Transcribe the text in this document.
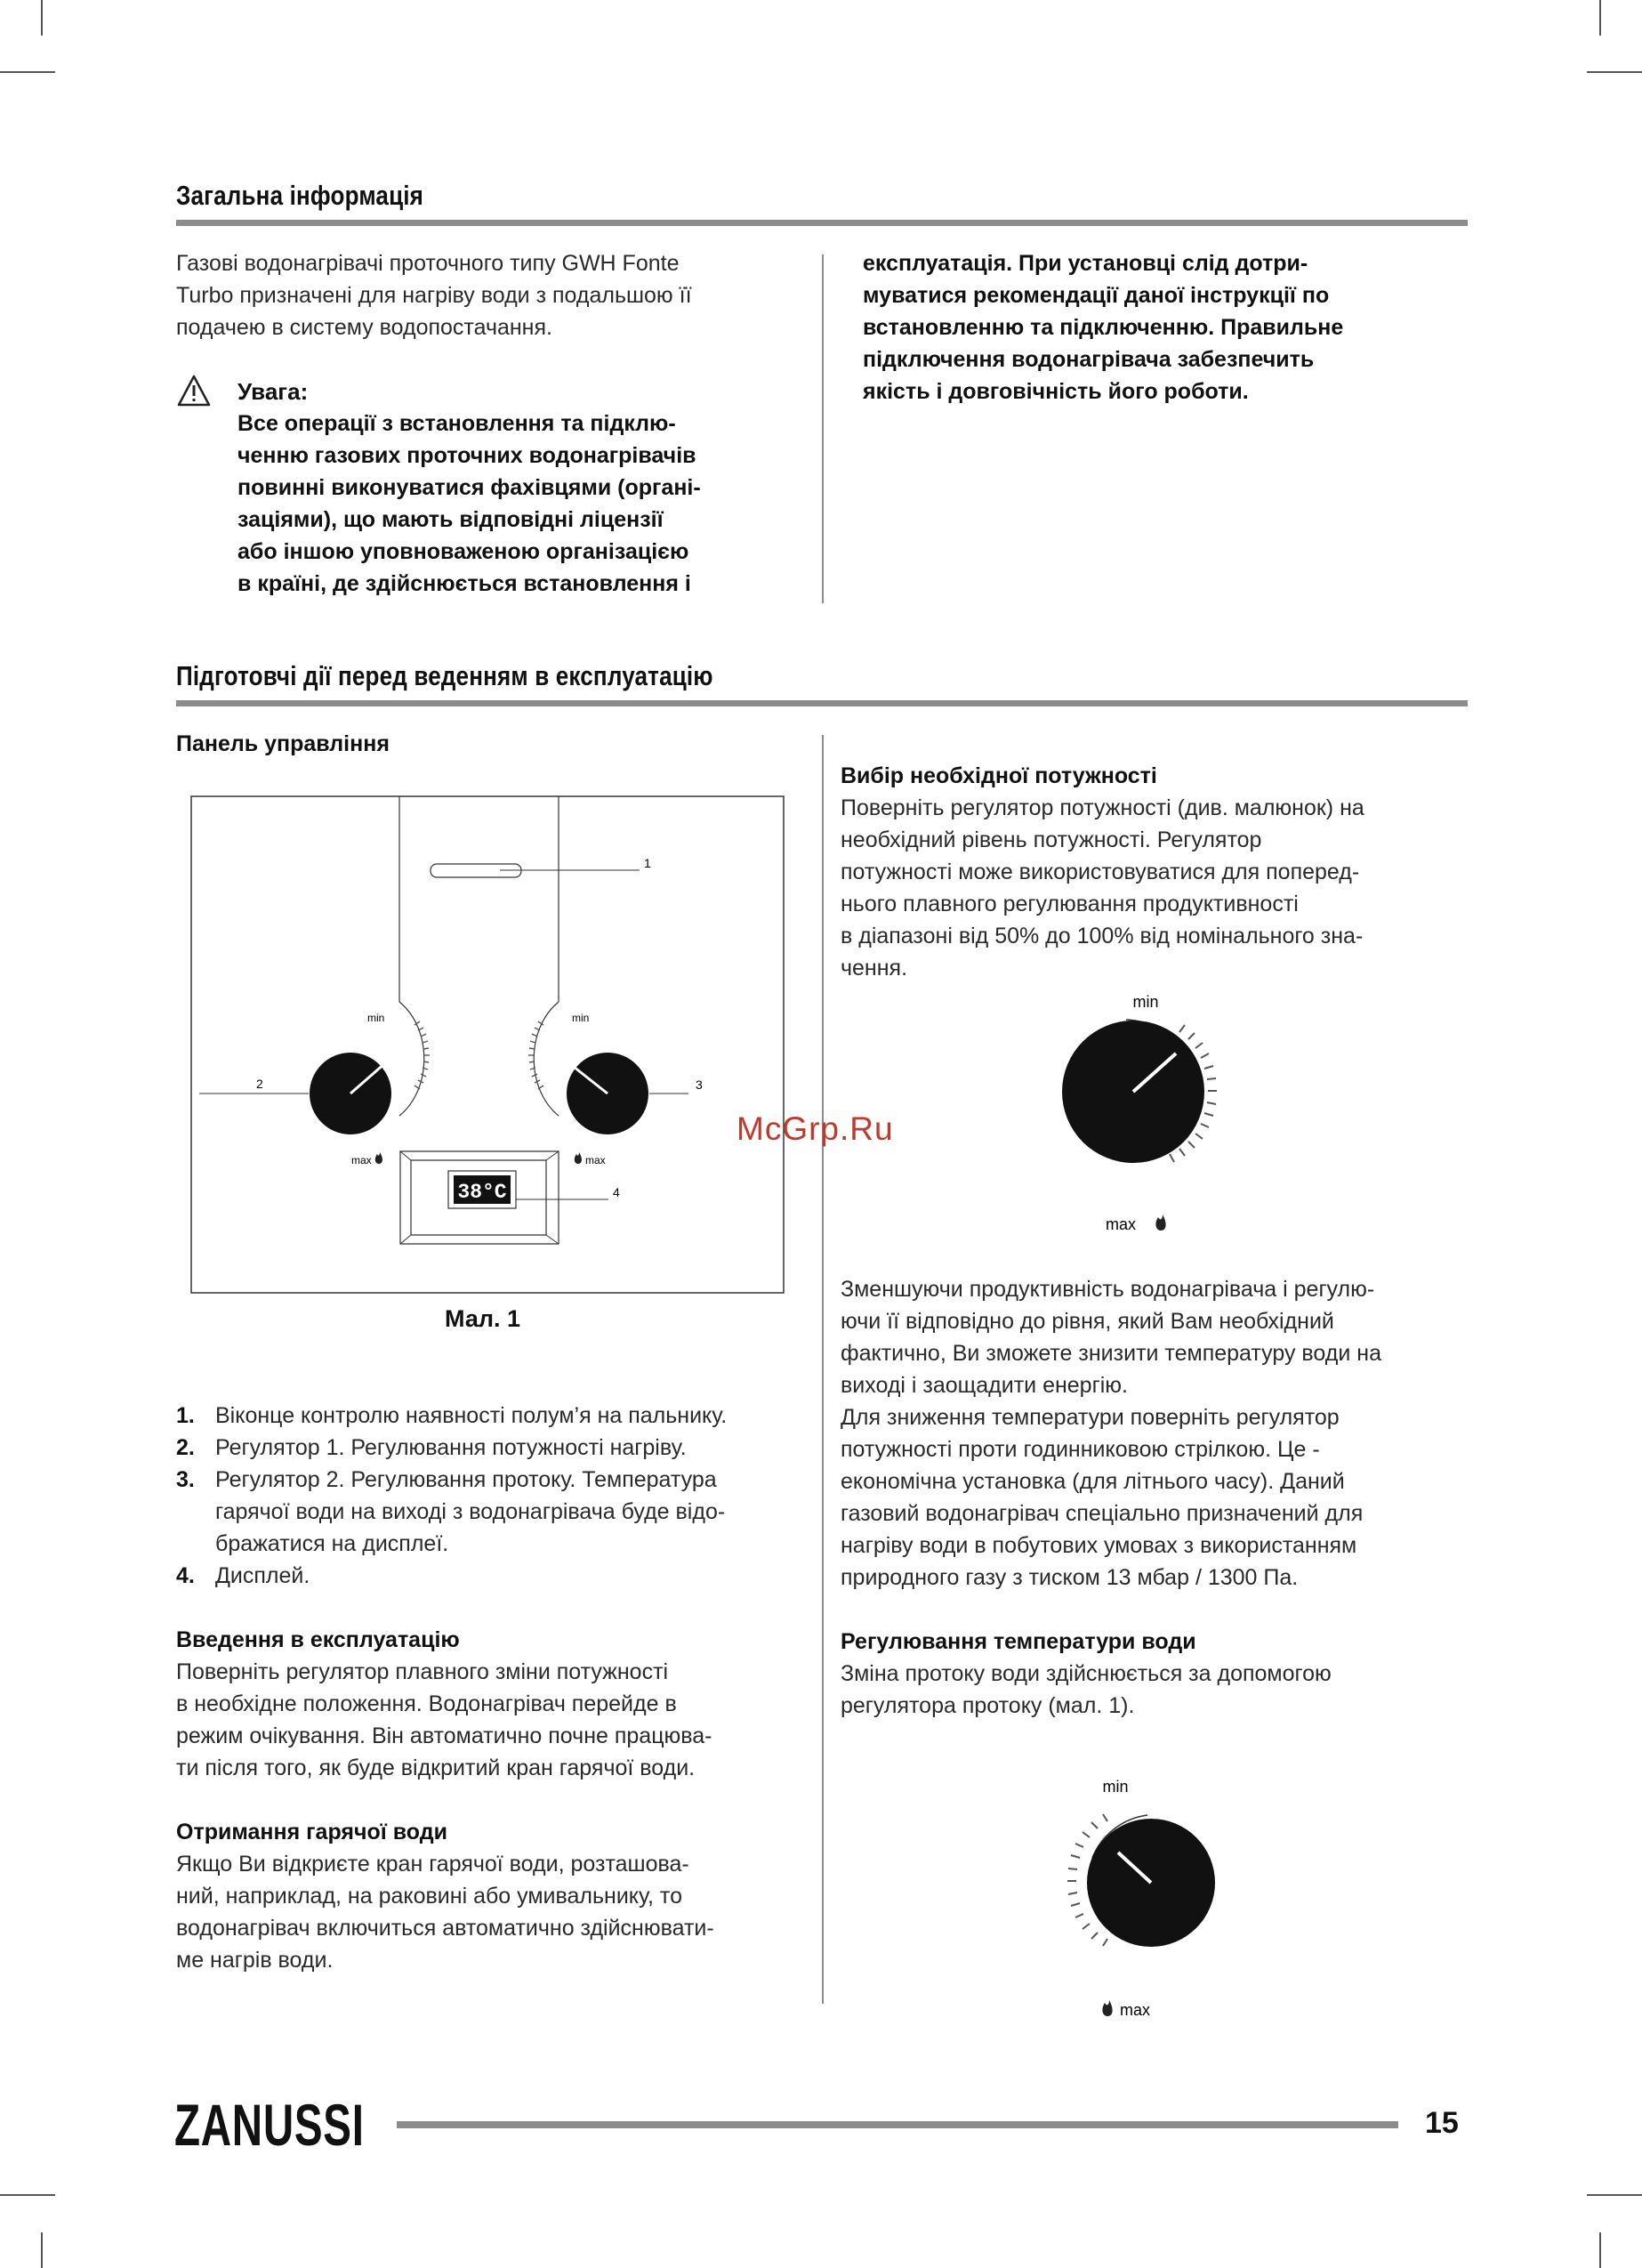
Загальна інформація
Газові водонагрівачі проточного типу GWH Fonte
Turbo призначені для нагріву води з подальшою її
подачею в систему водопостачання.
Увага:
Все операції з встановлення та підклю-
ченню газових проточних водонагрівачів
повинні виконуватися фахівцями (органі-
заціями), що мають відповідні ліцензії
або іншою уповноваженою організацією
в країні, де здійснюється встановлення і
експлуатація. При установці слід дотри-
муватися рекомендації даної інструкції по
встановленню та підключенню. Правильне
підключення водонагрівача забезпечить
якість і довговічність його роботи.
Підготовчі дії перед веденням в експлуатацію
Панель управління
1
2
min
max
3
min
max
38°C	4
Мал. 1
1. Віконце контролю наявності полум’я на пальнику.
2. Регулятор 1. Регулювання потужності нагріву.
3. Регулятор 2. Регулювання протоку. Температура
гарячої води на виході з водонагрівача буде відо-
бражатися на дисплеї.
4. Дисплей.
Введення в експлуатацію
Поверніть регулятор плавного зміни потужності
в необхідне положення. Водонагрівач перейде в
режим очікування. Він автоматично почне працюва-
ти після того, як буде відкритий кран гарячої води.
Отримання гарячої води
Якщо Ви відкриєте кран гарячої води, розташова-
ний, наприклад, на раковині або умивальнику, то
водонагрівач включиться автоматично здійснювати-
ме нагрів води.
Вибір необхідної потужності
Поверніть регулятор потужності (див. малюнок) на
необхідний рівень потужності. Регулятор
потужності може використовуватися для поперед-
нього плавного регулювання продуктивності
в діапазоні від 50% до 100% від номінального зна-
чення.
min
max
Зменшуючи продуктивність водонагрівача і регулю-
ючи її відповідно до рівня, який Вам необхідний
фактично, Ви зможете знизити температуру води на
виході і заощадити енергію.
Для зниження температури поверніть регулятор
потужності проти годинниковою стрілкою. Це -
економічна установка (для літнього часу). Даний
газовий водонагрівач спеціально призначений для
нагріву води в побутових умовах з використанням
природного газу з тиском 13 мбар / 1300 Па.
Регулювання температури води
Зміна протоку води здійснюється за допомогою
регулятора протоку (мал. 1).
min
max
McGrp.Ru
ZANUSSI	15
